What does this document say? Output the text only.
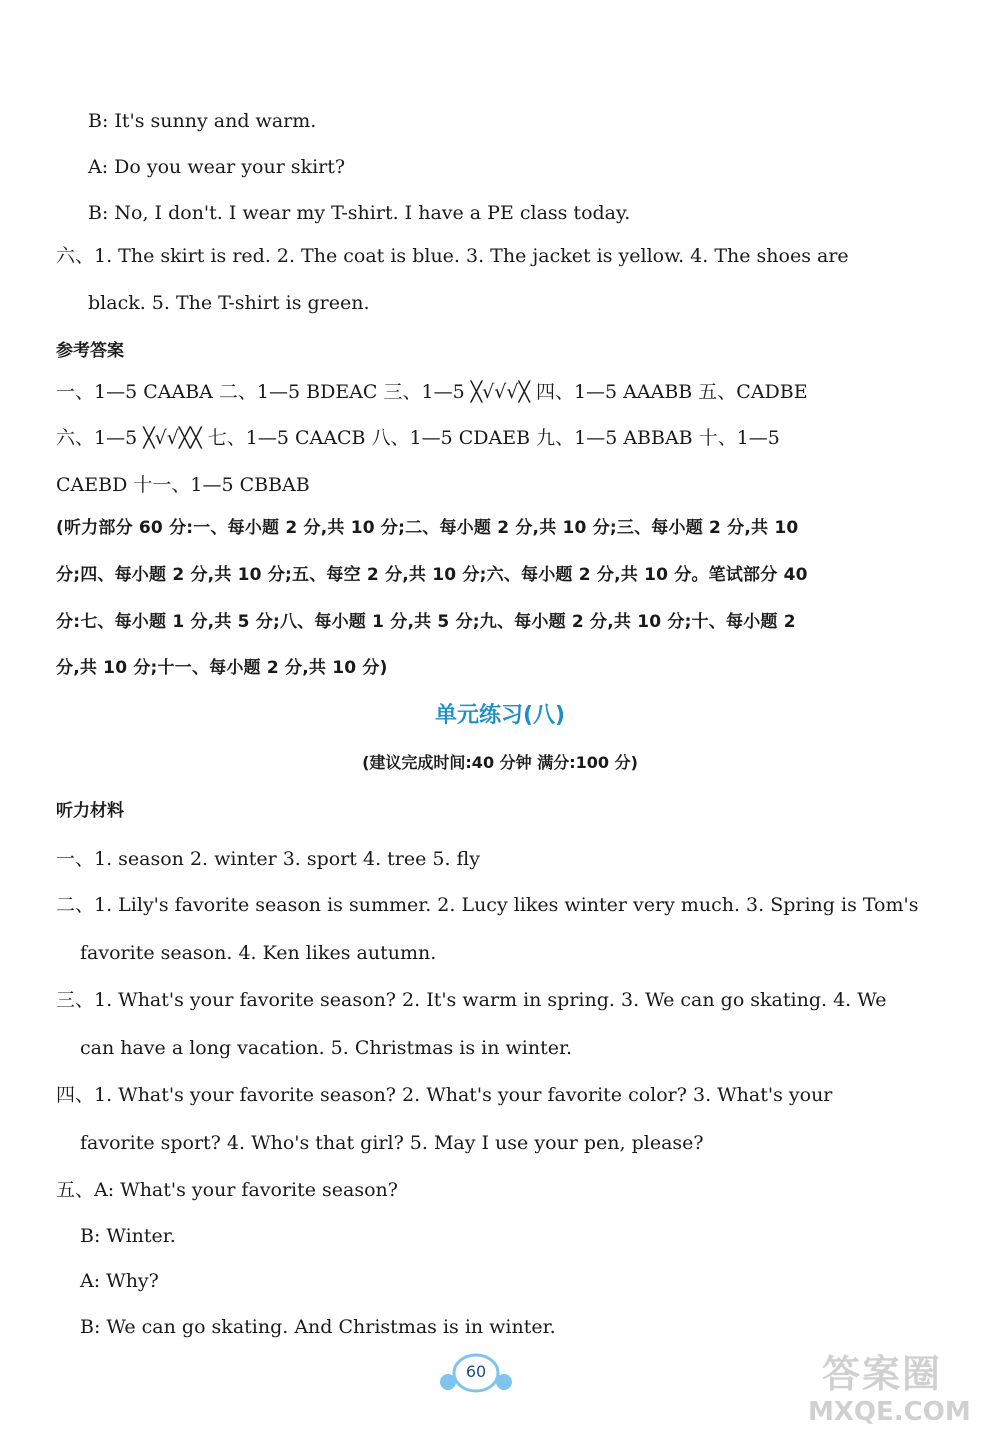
B: It's sunny and warm.
A: Do you wear your skirt?
B: No, I don't. I wear my T-shirt. I have a PE class today.
六、1. The skirt is red. 2. The coat is blue. 3. The jacket is yellow. 4. The shoes are
black. 5. The T-shirt is green.
参考答案
一、1—5 CAABA 二、1—5 BDEAC 三、1—5 ╳√√√╳ 四、1—5 AAABB 五、CADBE
六、1—5 ╳√√╳╳ 七、1—5 CAACB 八、1—5 CDAEB 九、1—5 ABBAB 十、1—5
CAEBD 十一、1—5 CBBAB
(听力部分 60 分:一、每小题 2 分,共 10 分;二、每小题 2 分,共 10 分;三、每小题 2 分,共 10
分;四、每小题 2 分,共 10 分;五、每空 2 分,共 10 分;六、每小题 2 分,共 10 分。笔试部分 40
分:七、每小题 1 分,共 5 分;八、每小题 1 分,共 5 分;九、每小题 2 分,共 10 分;十、每小题 2
分,共 10 分;十一、每小题 2 分,共 10 分)
单元练习(八)
(建议完成时间:40 分钟 满分:100 分)
听力材料
一、1. season 2. winter 3. sport 4. tree 5. fly
二、1. Lily's favorite season is summer. 2. Lucy likes winter very much. 3. Spring is Tom's
favorite season. 4. Ken likes autumn.
三、1. What's your favorite season? 2. It's warm in spring. 3. We can go skating. 4. We
can have a long vacation. 5. Christmas is in winter.
四、1. What's your favorite season? 2. What's your favorite color? 3. What's your
favorite sport? 4. Who's that girl? 5. May I use your pen, please?
五、A: What's your favorite season?
B: Winter.
A: Why?
B: We can go skating. And Christmas is in winter.
60	答案圈
MXQE.COM
